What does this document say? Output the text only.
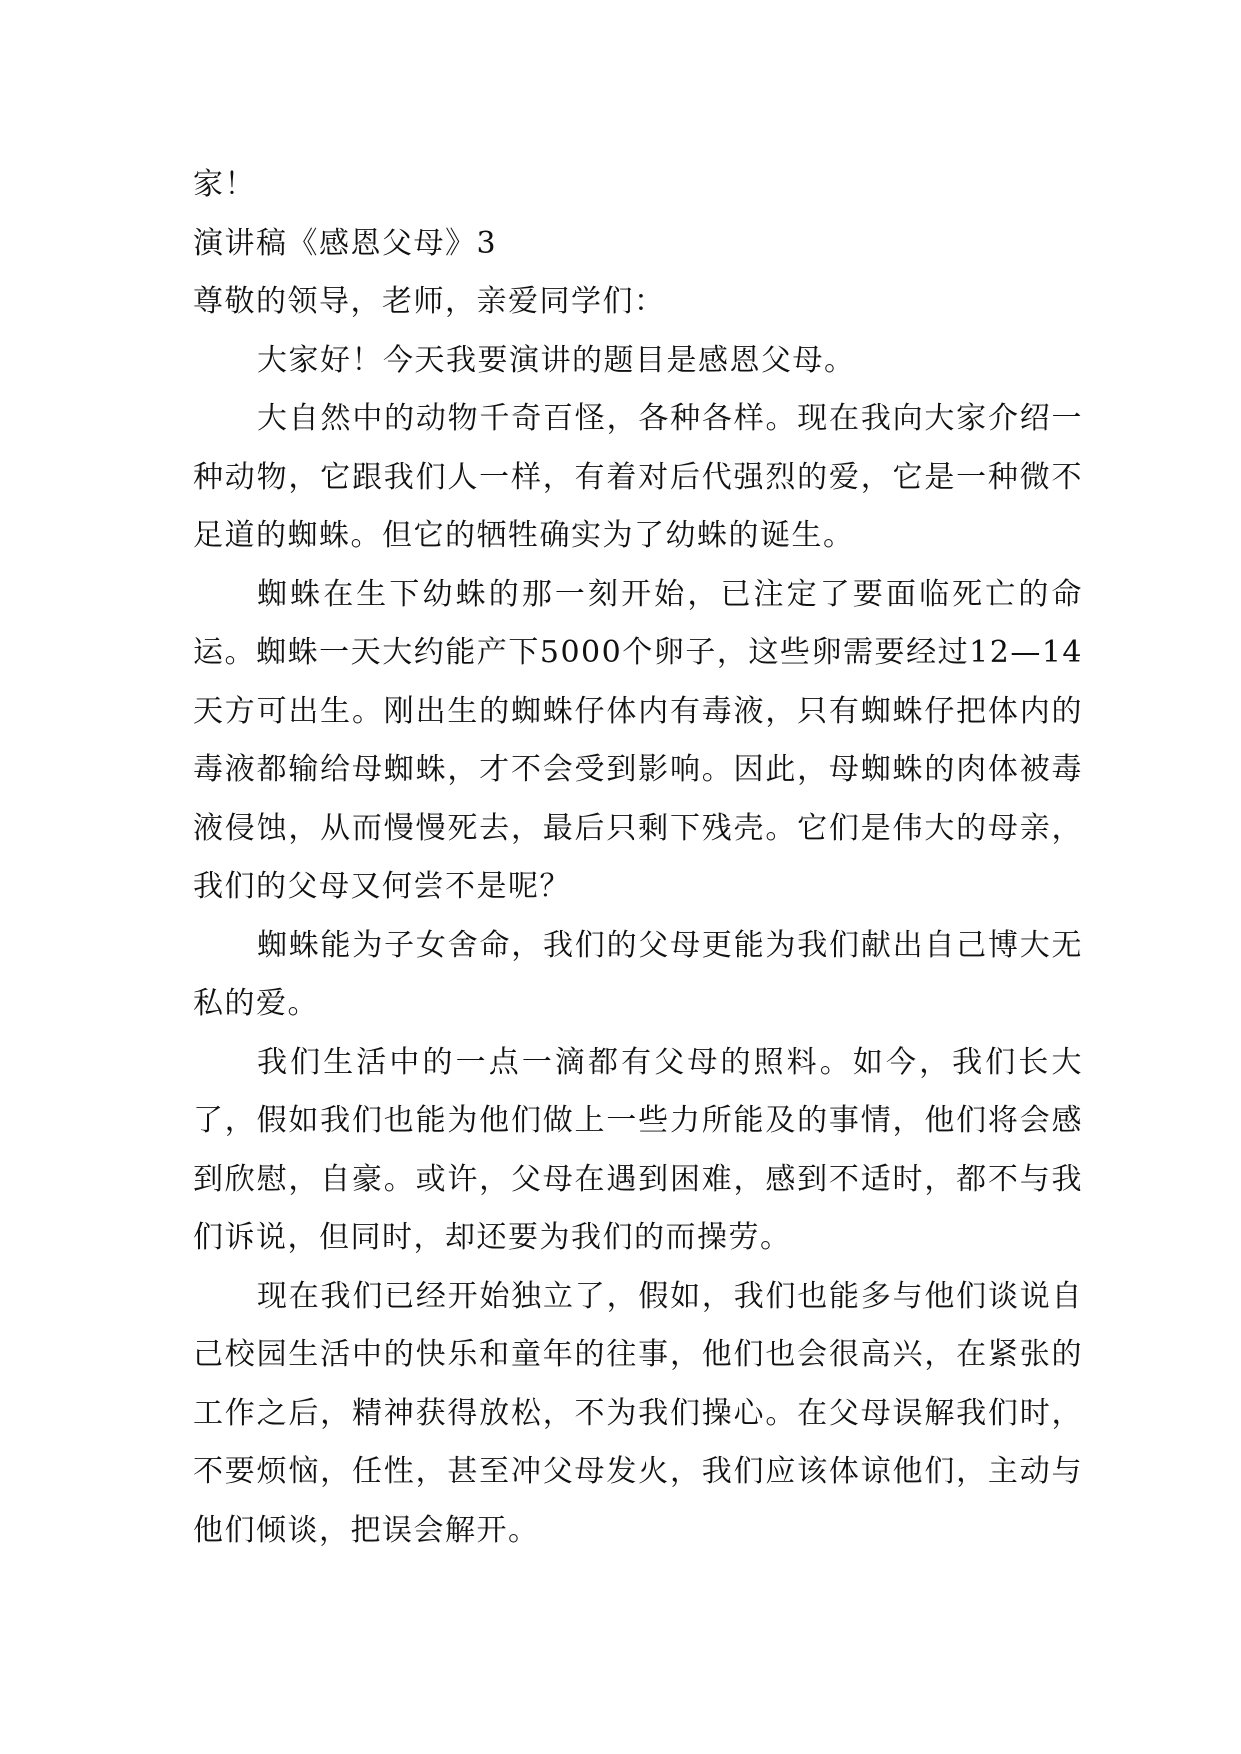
家！

演讲稿《感恩父母》3

尊敬的领导，老师，亲爱同学们：

大家好！今天我要演讲的题目是感恩父母。

大自然中的动物千奇百怪，各种各样。现在我向大家介绍一种动物，它跟我们人一样，有着对后代强烈的爱，它是一种微不足道的蜘蛛。但它的牺牲确实为了幼蛛的诞生。

蜘蛛在生下幼蛛的那一刻开始，已注定了要面临死亡的命运。蜘蛛一天大约能产下5000个卵子，这些卵需要经过12—14天方可出生。刚出生的蜘蛛仔体内有毒液，只有蜘蛛仔把体内的毒液都输给母蜘蛛，才不会受到影响。因此，母蜘蛛的肉体被毒液侵蚀，从而慢慢死去，最后只剩下残壳。它们是伟大的母亲，我们的父母又何尝不是呢？

蜘蛛能为子女舍命，我们的父母更能为我们献出自己博大无私的爱。

我们生活中的一点一滴都有父母的照料。如今，我们长大了，假如我们也能为他们做上一些力所能及的事情，他们将会感到欣慰，自豪。或许，父母在遇到困难，感到不适时，都不与我们诉说，但同时，却还要为我们的而操劳。

现在我们已经开始独立了，假如，我们也能多与他们谈说自己校园生活中的快乐和童年的往事，他们也会很高兴，在紧张的工作之后，精神获得放松，不为我们操心。在父母误解我们时，不要烦恼，任性，甚至冲父母发火，我们应该体谅他们，主动与他们倾谈，把误会解开。
